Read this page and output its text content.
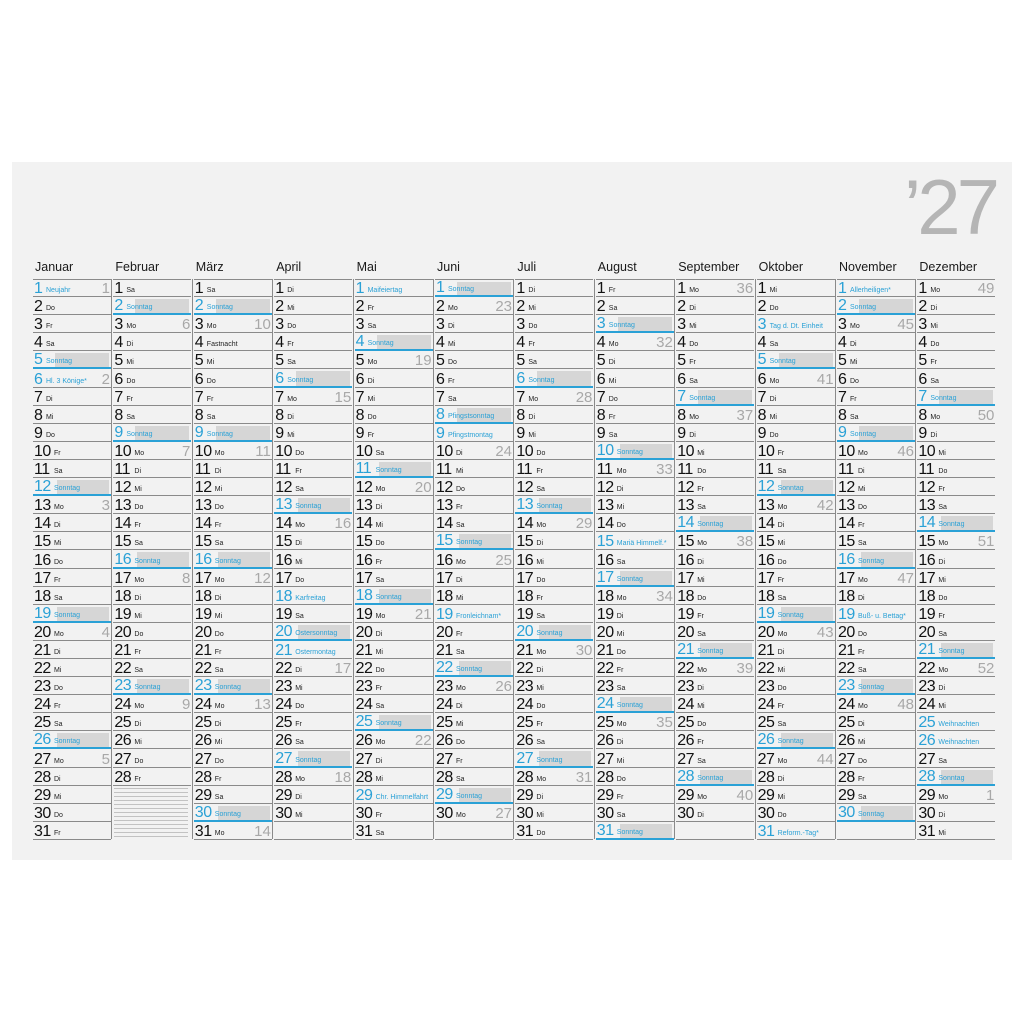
’27
Januar
1 Neujahr 1
2 Do
3 Fr
4 Sa
5 Sonntag
6 Hl. 3 Könige* 2
7 Di
8 Mi
9 Do
10 Fr
11 Sa
12 Sonntag
13 Mo	3
14 Di
15 Mi
16 Do
17 Fr
18 Sa
19 Sonntag
20 Mo	4
21 Di
22 Mi
23 Do
24 Fr
25 Sa
26 Sonntag
27 Mo	5
28 Di
29 Mi
30 Do
31 Fr
Februar
1 Sa
2 Sonntag
3 Mo	6
4 Di
5 Mi
6 Do
7 Fr
8 Sa
9 Sonntag
10 Mo	7
11 Di
12 Mi
13 Do
14 Fr
15 Sa
16 Sonntag
17 Mo	8
18 Di
19 Mi
20 Do
21 Fr
22 Sa
23 Sonntag
24 Mo	9
25 Di
26 Mi
27 Do
28 Fr
März
1 Sa
2 Sonntag
3 Mo	10
4 Fastnacht
5 Mi
6 Do
7 Fr
8 Sa
9 Sonntag
10 Mo 11
11 Di
12 Mi
13 Do
14 Fr
15 Sa
16 Sonntag
17 Mo 12
18 Di
19 Mi
20 Do
21 Fr
22 Sa
23 Sonntag
24 Mo 13
25 Di
26 Mi
27 Do
28 Fr
29 Sa
30 Sonntag
31 Mo 14
April
1 Di
2 Mi
3 Do
4 Fr
5 Sa
6 Sonntag
7 Mo	15
8 Di
9 Mi
10 Do
11 Fr
12 Sa
13 Sonntag
14 Mo 16
15 Di
16 Mi
17 Do
18 Karfreitag
19 Sa
20 Ostersonntag
21 Ostermontag
22 Di 17
23 Mi
24 Do
25 Fr
26 Sa
27 Sonntag
28 Mo 18
29 Di
30 Mi
Mai
1 Maifeiertag
2 Fr
3 Sa
4 Sonntag
5 Mo	19
6 Di
7 Mi
8 Do
9 Fr
10 Sa
11 Sonntag
12 Mo 20
13 Di
14 Mi
15 Do
16 Fr
17 Sa
18 Sonntag
19 Mo 21
20 Di
21 Mi
22 Do
23 Fr
24 Sa
25 Sonntag
26 Mo 22
27 Di
28 Mi
29 Chr. Himmelfahrt
30 Fr
31 Sa
Juni
1 Sonntag
2 Mo	23
3 Di
4 Mi
5 Do
6 Fr
7 Sa
8 Pfingstsonntag
9 Pfingstmontag
10 Di 24
11 Mi
12 Do
13 Fr
14 Sa
15 Sonntag
16 Mo 25
17 Di
18 Mi
19 Fronleichnam*
20 Fr
21 Sa
22 Sonntag
23 Mo 26
24 Di
25 Mi
26 Do
27 Fr
28 Sa
29 Sonntag
30 Mo 27
Juli
1 Di
2 Mi
3 Do
4 Fr
5 Sa
6 Sonntag
7 Mo	28
8 Di
9 Mi
10 Do
11 Fr
12 Sa
13 Sonntag
14 Mo 29
15 Di
16 Mi
17 Do
18 Fr
19 Sa
20 Sonntag
21 Mo 30
22 Di
23 Mi
24 Do
25 Fr
26 Sa
27 Sonntag
28 Mo 31
29 Di
30 Mi
31 Do
August
1 Fr
2 Sa
3 Sonntag
4 Mo	32
5 Di
6 Mi
7 Do
8 Fr
9 Sa
10 Sonntag
11 Mo 33
12 Di
13 Mi
14 Do
15 Mariä Himmelf.*
16 Sa
17 Sonntag
18 Mo 34
19 Di
20 Mi
21 Do
22 Fr
23 Sa
24 Sonntag
25 Mo 35
26 Di
27 Mi
28 Do
29 Fr
30 Sa
31 Sonntag
September
1 Mo	36
2 Di
3 Mi
4 Do
5 Fr
6 Sa
7 Sonntag
8 Mo	37
9 Di
10 Mi
11 Do
12 Fr
13 Sa
14 Sonntag
15 Mo 38
16 Di
17 Mi
18 Do
19 Fr
20 Sa
21 Sonntag
22 Mo 39
23 Di
24 Mi
25 Do
26 Fr
27 Sa
28 Sonntag
29 Mo 40
30 Di
Oktober
1 Mi
2 Do
3 Tag d. Dt. Einheit
4 Sa
5 Sonntag
6 Mo	41
7 Di
8 Mi
9 Do
10 Fr
11 Sa
12 Sonntag
13 Mo 42
14 Di
15 Mi
16 Do
17 Fr
18 Sa
19 Sonntag
20 Mo 43
21 Di
22 Mi
23 Do
24 Fr
25 Sa
26 Sonntag
27 Mo 44
28 Di
29 Mi
30 Do
31 Reform.-Tag*
November
1 Allerheiligen*
2 Sonntag
3 Mo	45
4 Di
5 Mi
6 Do
7 Fr
8 Sa
9 Sonntag
10 Mo 46
11 Di
12 Mi
13 Do
14 Fr
15 Sa
16 Sonntag
17 Mo 47
18 Di
19 Buß- u. Bettag*
20 Do
21 Fr
22 Sa
23 Sonntag
24 Mo 48
25 Di
26 Mi
27 Do
28 Fr
29 Sa
30 Sonntag
Dezember
1 Mo	49
2 Di
3 Mi
4 Do
5 Fr
6 Sa
7 Sonntag
8 Mo	50
9 Di
10 Mi
11 Do
12 Fr
13 Sa
14 Sonntag
15 Mo 51
16 Di
17 Mi
18 Do
19 Fr
20 Sa
21 Sonntag
22 Mo 52
23 Di
24 Mi
25 Weihnachten
26 Weihnachten
27 Sa
28 Sonntag
29 Mo	1
30 Di
31 Mi
